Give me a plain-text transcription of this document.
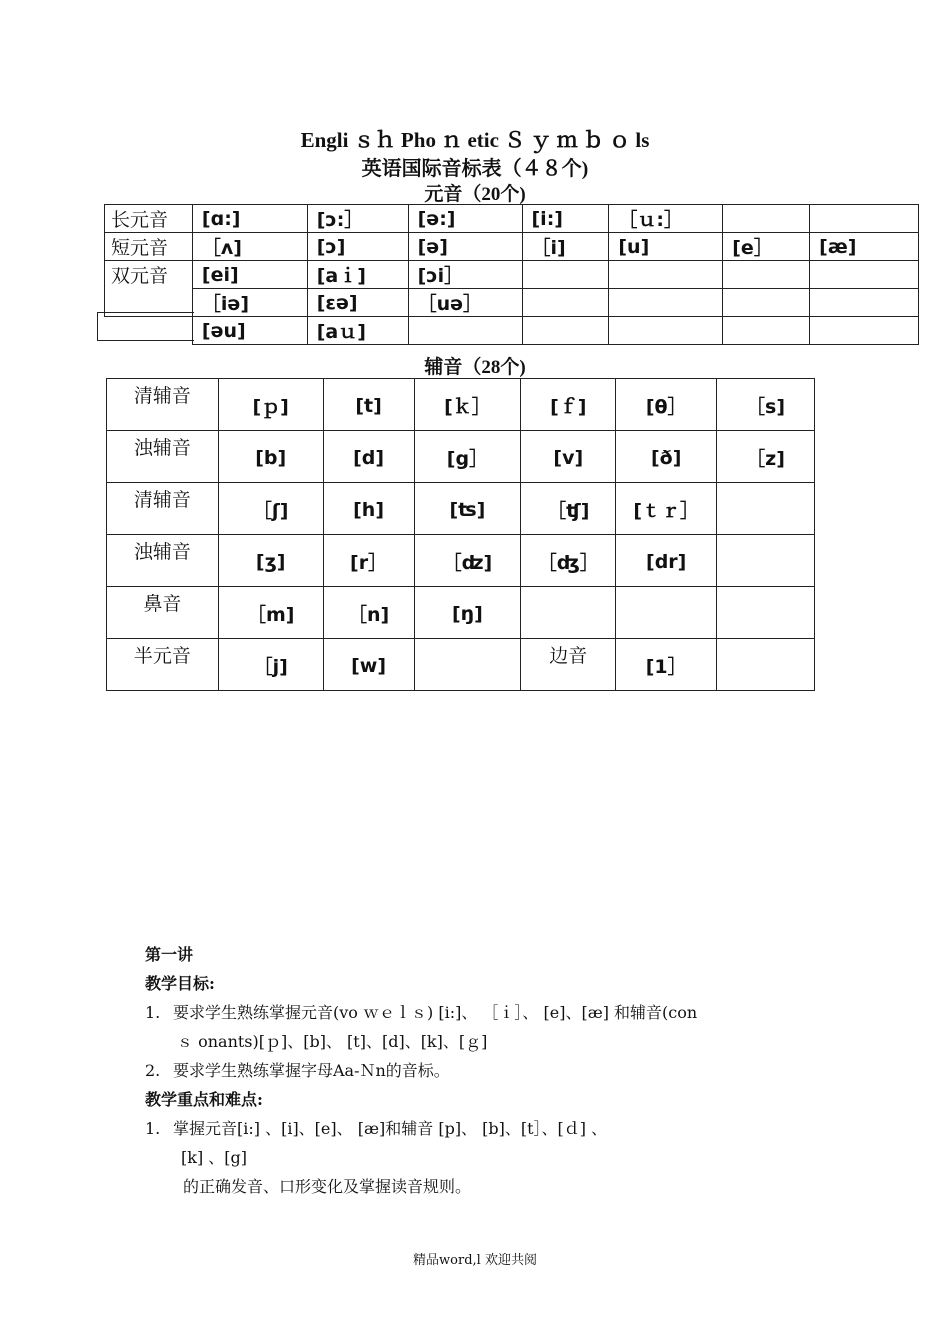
Engli ｓｈ Pho ｎ etic Ｓ ｙ ｍ ｂ ｏ ls
英语国际音标表（４８个)
元音（20个)
长元音	[ɑ:]	[ɔ:］	[ə:]	[i:]	［ｕ:］		
短元音	［ʌ]	[ɔ]	[ə]	［i]	[u]	[e］	[æ]
双元音	[ei]	[aｉ]	[ɔi］				
	［iə]	[εə]	［uə］				
	[əu]	[aｕ]					
辅音（28个)
清辅音	[ｐ]	[t]	[ｋ］	[ｆ]	[θ］	［s]
浊辅音	[b]	[d]	[g］	[v]	[ð]	［z]
清辅音	［ʃ]	[h]	[ʦ]	［ʧ]	[ｔｒ］	
浊辅音	[ʒ]	[r］	［ʣ]	［ʤ］	[dr]	
鼻音	［m]	［n]	[ŋ]			
半元音	［j]	[w]		边音	[1］	
第一讲
教学目标:
1. 要求学生熟练掌握元音(vo ｗｅｌｓ) [i:]、 ［ｉ］、 [e]、[æ] 和辅音(con
ｓ onants)[ｐ]、[b]、 [t]、[d]、[k]、[ｇ]
2. 要求学生熟练掌握字母Aa-Ｎn的音标。
教学重点和难点:
1. 掌握元音[i:] 、[i]、[e]、 [æ]和辅音 [p]、 [b]、[t］、[ｄ] 、
[k] 、[g]
的正确发音、口形变化及掌握读音规则。
精品word,l 欢迎共阅
